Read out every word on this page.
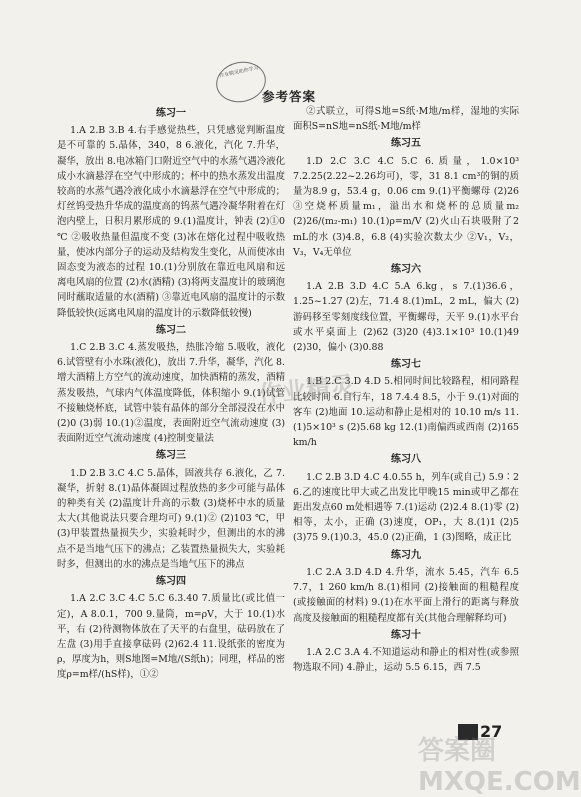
作业精灵助你学习
参考答案
练习一
1.A 2.B 3.B 4.右手感觉热些，只凭感觉判断温度是不可靠的 5.晶体，340，8 6.液化，汽化 7.升华，凝华，放出 8.电冰箱门口附近空气中的水蒸气遇冷液化成小水滴悬浮在空气中形成的；杯中的热水蒸发出温度较高的水蒸气遇冷液化成小水滴悬浮在空气中形成的；灯丝钨受热升华成的温度高的钨蒸气遇冷凝华附着在灯泡内壁上，日积月累形成的 9.(1)温度计，钟表 (2)①0 ℃ ②吸收热量但温度不变 (3)冰在熔化过程中吸收热量，使冰内部分子的运动及结构发生变化，从而使冰由固态变为液态的过程 10.(1)分别放在靠近电风扇和远离电风扇的位置 (2)水(酒精) (3)将两支温度计的玻璃泡同时蘸取适量的水(酒精) ③靠近电风扇的温度计的示数降低较快(远离电风扇的温度计的示数降低较慢)
练习二
1.C 2.B 3.C 4.蒸发吸热，热胀冷缩 5.吸收，液化 6.试管壁有小水珠(液化)，放出 7.升华，凝华，汽化 8.增大酒精上方空气的流动速度，加快酒精的蒸发，酒精蒸发吸热，气球内气体温度降低，体积缩小 9.(1)试管不接触烧杯底，试管中装有晶体的部分全部浸没在水中 (2)0 (3)弱 10.(1)②温度，表面附近空气流动速度 (3)表面附近空气流动速度 (4)控制变量法
练习三
1.D 2.B 3.C 4.C 5.晶体，固液共存 6.液化，乙 7.凝华，折射 8.(1)晶体凝固过程放热的多少可能与晶体的种类有关 (2)温度计升高的示数 (3)烧杯中水的质量太大(其他说法只要合理均可) 9.(1)② (2)103 ℃，甲 (3)甲装置热量损失少，实验耗时少，但测出的水的沸点不是当地气压下的沸点；乙装置热量损失大，实验耗时多，但测出的水的沸点是当地气压下的沸点
练习四
1.A 2.C 3.C 4.C 5.C 6.3.40 7.质量比(或比值一定)，A 8.0.1，700 9.量筒，m=ρV，大于 10.(1)水平，右 (2)待测物体放在了天平的右盘里，砝码放在了左盘 (3)用手直接拿砝码 (2)62.4 11.设纸张的密度为ρ，厚度为h，则S地图=M地/(S纸h)；同理，样品的密度ρ=m样/(hS样)，①②
②式联立，可得S地=S纸·M地/m样，湿地的实际面积S=nS地=nS纸·M地/m样
练习五
1.D 2.C 3.C 4.C 5.C 6.质量，1.0×10³ 7.2.25(2.22~2.26均可)，零，31 8.1 cm³的铜的质量为8.9 g，53.4 g，0.06 cm 9.(1)平衡螺母 (2)26 ③空烧杯质量m₁，溢出水和烧杯的总质量m₂ (2)26/(m₂-m₁) 10.(1)ρ=m/V (2)火山石块吸附了2 mL的水 (3)4.8，6.8 (4)实验次数太少 ②V₁，V₂，V₃，V₄无单位
练习六
1.A 2.B 3.D 4.C 5.A 6.kg，s 7.(1)36.6，1.25~1.27 (2)左，71.4 8.(1)mL，2 mL，偏大 (2)游码移至零刻度线位置，平衡螺母，天平 9.(1)水平台或水平桌面上 (2)62 (3)20 (4)3.1×10³ 10.(1)49 (2)30，偏小 (3)0.88
练习七
1.B 2.C 3.D 4.D 5.相同时间比较路程，相同路程比较时间 6.自行车，18 7.4.4 8.5，小于 9.(1)对面的客车 (2)地面 10.运动和静止是相对的 10.10 m/s 11.(1)5×10³ s (2)5.68 kg 12.(1)南偏西或西南 (2)165 km/h
练习八
1.C 2.B 3.D 4.C 4.0.55 h，列车(或自己) 5.9∶2 6.乙的速度比甲大或乙出发比甲晚15 min或甲乙都在距出发点60 m处相遇等 7.(1)运动 (2)2.4 8.(1)零 (2)相等，太小，正确 (3)速度，OP₁，大 8.(1)1 (2)5 (3)75 9.(1)0.3，45.0 (2)正确，1 (3)图略，成正比
练习九
1.C 2.A 3.D 4.D 4.升华，流水 5.45，汽车 6.5 7.7，1 260 km/h 8.(1)相同 (2)接触面的粗糙程度(或接触面的材料) 9.(1)在水平面上滑行的距离与释放高度及接触面的粗糙程度都有关(其他合理解释均可)
练习十
1.A 2.C 3.A 4.不知道运动和静止的相对性(或参照物选取不同) 4.静止，运动 5.5 6.15，西 7.5
作业精灵
27
答案圈 MXQE.COM
